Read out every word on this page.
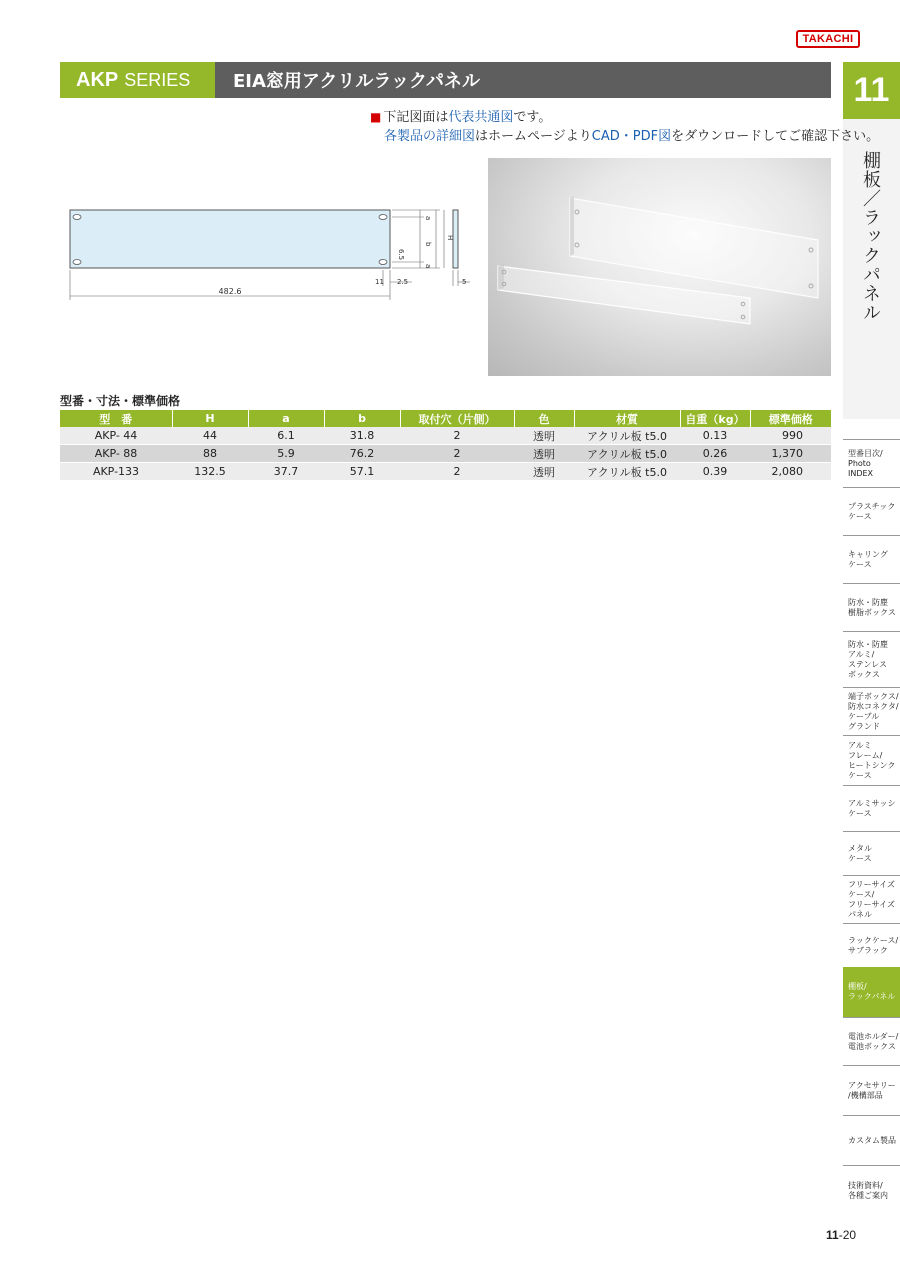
TAKACHI
AKP SERIES	EIA窓用アクリルラックパネル	11
棚板／ラックパネル
■ 下記図面は代表共通図です。
各製品の詳細図はホームページよりCAD・PDF図をダウンロードしてご確認下さい。
482.6
a
b
a
H
6.5
11 2.5	5
型番・寸法・標準価格
型　番	H	a	b	取付穴（片側）	色	材質	自重（kg）	標準価格
AKP- 44	44	6.1	31.8	2	透明	アクリル板 t5.0	0.13	990
AKP- 88	88	5.9	76.2	2	透明	アクリル板 t5.0	0.26	1,370
AKP-133	132.5	37.7	57.1	2	透明	アクリル板 t5.0	0.39	2,080
型番目次/
Photo
INDEX
プラスチック
ケース
キャリング
ケース
防水・防塵
樹脂ボックス
防水・防塵
アルミ/
ステンレス
ボックス
端子ボックス/
防水コネクタ/
ケーブル
グランド
アルミ
フレーム/
ヒートシンク
ケース
アルミサッシ
ケース
メタル
ケース
フリーサイズ
ケース/
フリーサイズ
パネル
ラックケース/
サブラック
棚板/
ラックパネル
電池ホルダー/
電池ボックス
アクセサリー
/機構部品
カスタム製品
技術資料/
各種ご案内
11-20
